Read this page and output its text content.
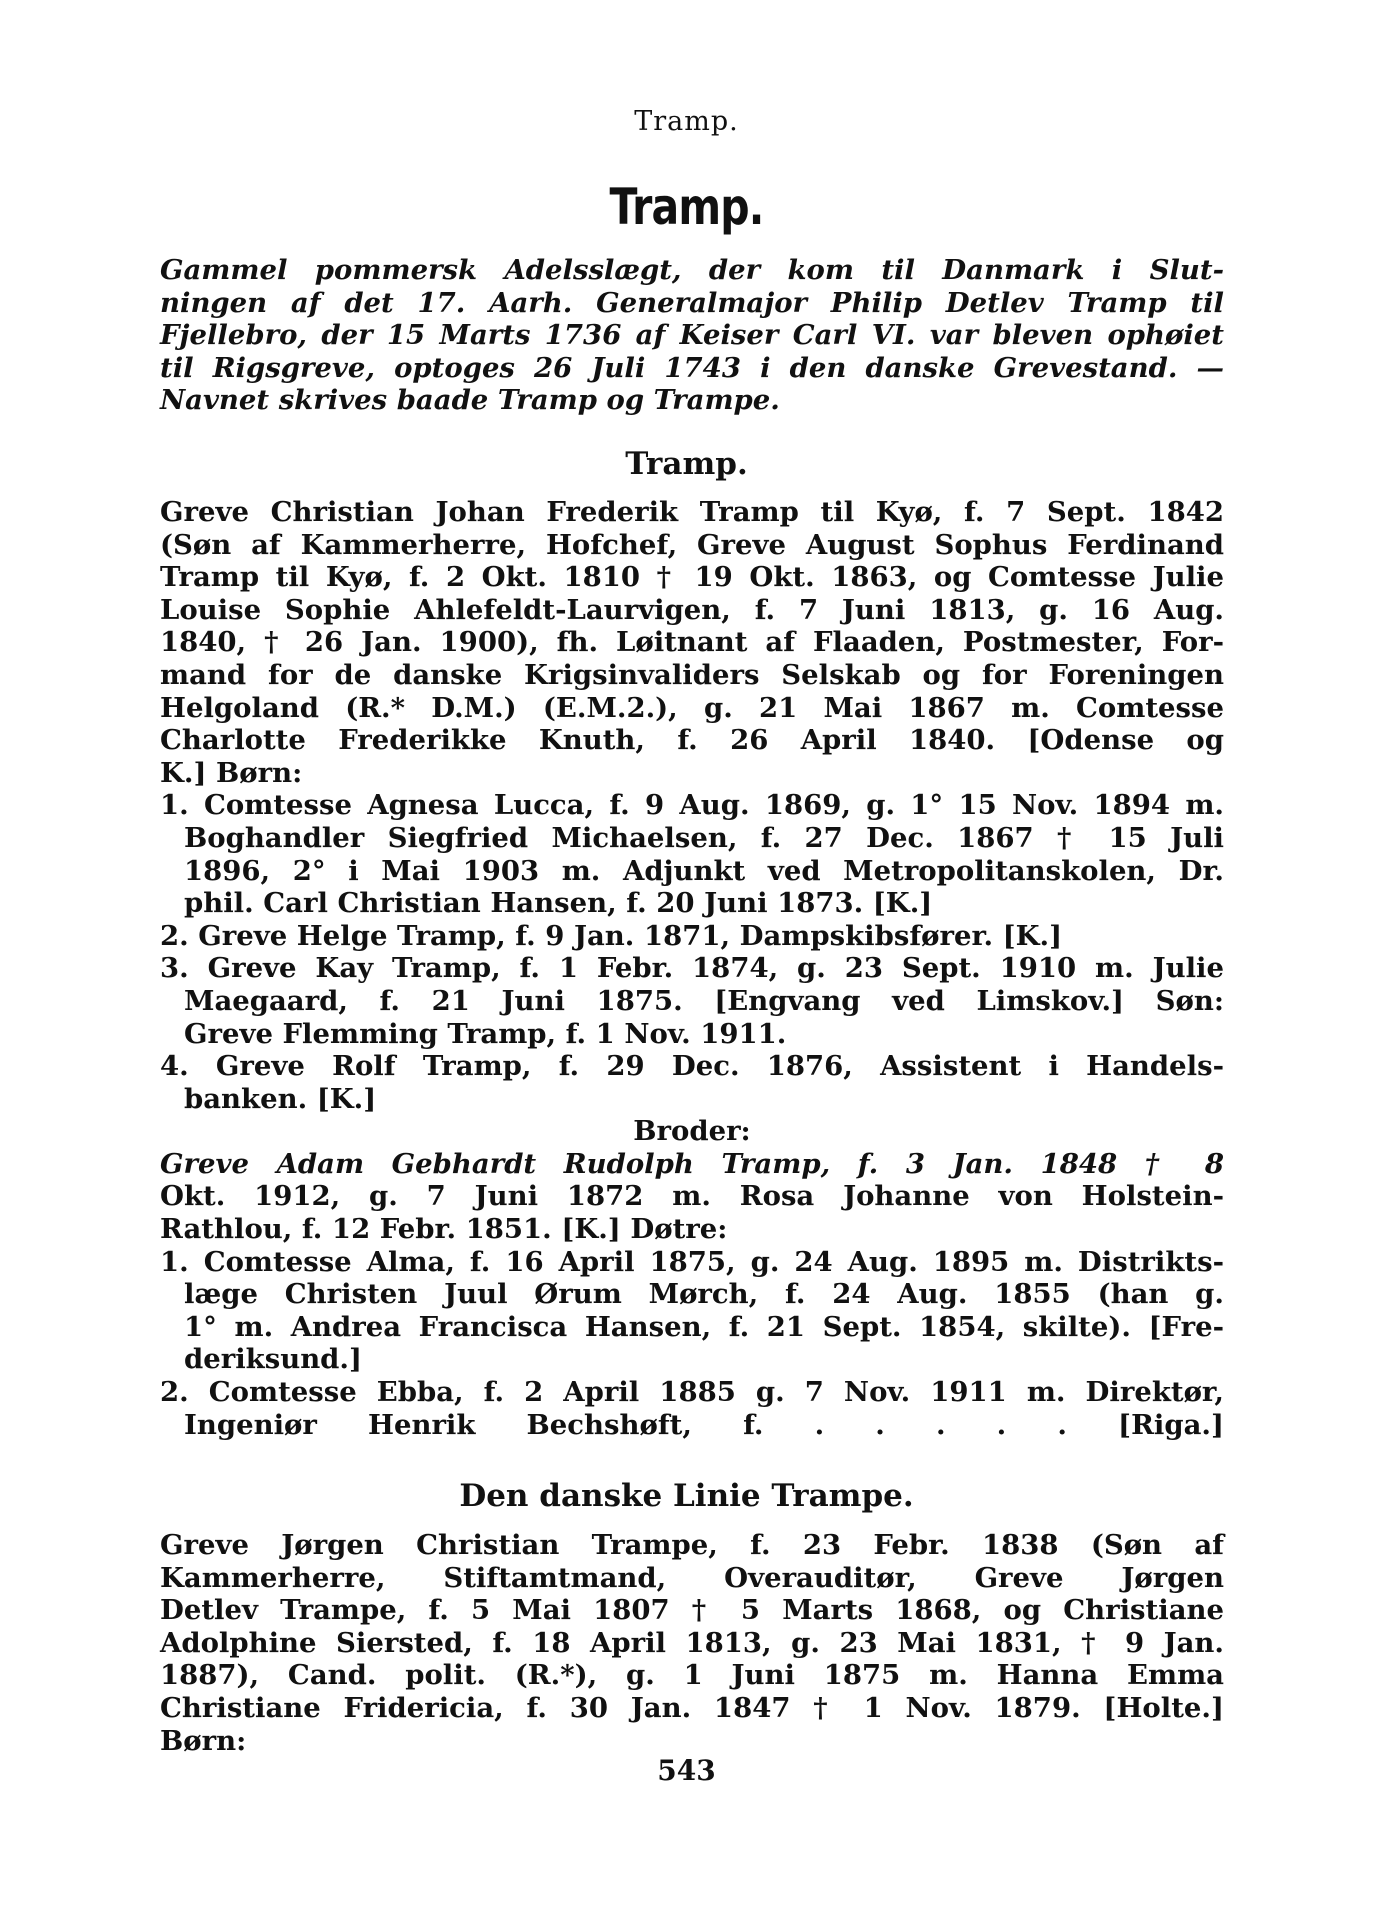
Tramp.
Tramp.
Gammel pommersk Adelsslægt, der kom til Danmark i Slut-
ningen af det 17. Aarh. Generalmajor Philip Detlev Tramp til
Fjellebro, der 15 Marts 1736 af Keiser Carl VI. var bleven ophøiet
til Rigsgreve, optoges 26 Juli 1743 i den danske Grevestand. —
Navnet skrives baade Tramp og Trampe.
Tramp.
Greve Christian Johan Frederik Tramp til Kyø, f. 7 Sept. 1842
(Søn af Kammerherre, Hofchef, Greve August Sophus Ferdinand
Tramp til Kyø, f. 2 Okt. 1810 † 19 Okt. 1863, og Comtesse Julie
Louise Sophie Ahlefeldt-Laurvigen, f. 7 Juni 1813, g. 16 Aug.
1840, † 26 Jan. 1900), fh. Løitnant af Flaaden, Postmester, For-
mand for de danske Krigsinvaliders Selskab og for Foreningen
Helgoland (R.* D.M.) (E.M.2.), g. 21 Mai 1867 m. Comtesse
Charlotte Frederikke Knuth, f. 26 April 1840. [Odense og
K.] Børn:
1. Comtesse Agnesa Lucca, f. 9 Aug. 1869, g. 1° 15 Nov. 1894 m.
Boghandler Siegfried Michaelsen, f. 27 Dec. 1867 † 15 Juli
1896, 2° i Mai 1903 m. Adjunkt ved Metropolitanskolen, Dr.
phil. Carl Christian Hansen, f. 20 Juni 1873. [K.]
2. Greve Helge Tramp, f. 9 Jan. 1871, Dampskibsfører. [K.]
3. Greve Kay Tramp, f. 1 Febr. 1874, g. 23 Sept. 1910 m. Julie
Maegaard, f. 21 Juni 1875. [Engvang ved Limskov.] Søn:
Greve Flemming Tramp, f. 1 Nov. 1911.
4. Greve Rolf Tramp, f. 29 Dec. 1876, Assistent i Handels-
banken. [K.]
Broder:
Greve Adam Gebhardt Rudolph Tramp, f. 3 Jan. 1848 † 8
Okt. 1912, g. 7 Juni 1872 m. Rosa Johanne von Holstein-
Rathlou, f. 12 Febr. 1851. [K.] Døtre:
1. Comtesse Alma, f. 16 April 1875, g. 24 Aug. 1895 m. Distrikts-
læge Christen Juul Ørum Mørch, f. 24 Aug. 1855 (han g.
1° m. Andrea Francisca Hansen, f. 21 Sept. 1854, skilte). [Fre-
deriksund.]
2. Comtesse Ebba, f. 2 April 1885 g. 7 Nov. 1911 m. Direktør,
Ingeniør Henrik Bechshøft, f. . . . . . [Riga.]
Den danske Linie Trampe.
Greve Jørgen Christian Trampe, f. 23 Febr. 1838 (Søn af
Kammerherre, Stiftamtmand, Overauditør, Greve Jørgen
Detlev Trampe, f. 5 Mai 1807 † 5 Marts 1868, og Christiane
Adolphine Siersted, f. 18 April 1813, g. 23 Mai 1831, † 9 Jan.
1887), Cand. polit. (R.*), g. 1 Juni 1875 m. Hanna Emma
Christiane Fridericia, f. 30 Jan. 1847 † 1 Nov. 1879. [Holte.]
Børn:
543
